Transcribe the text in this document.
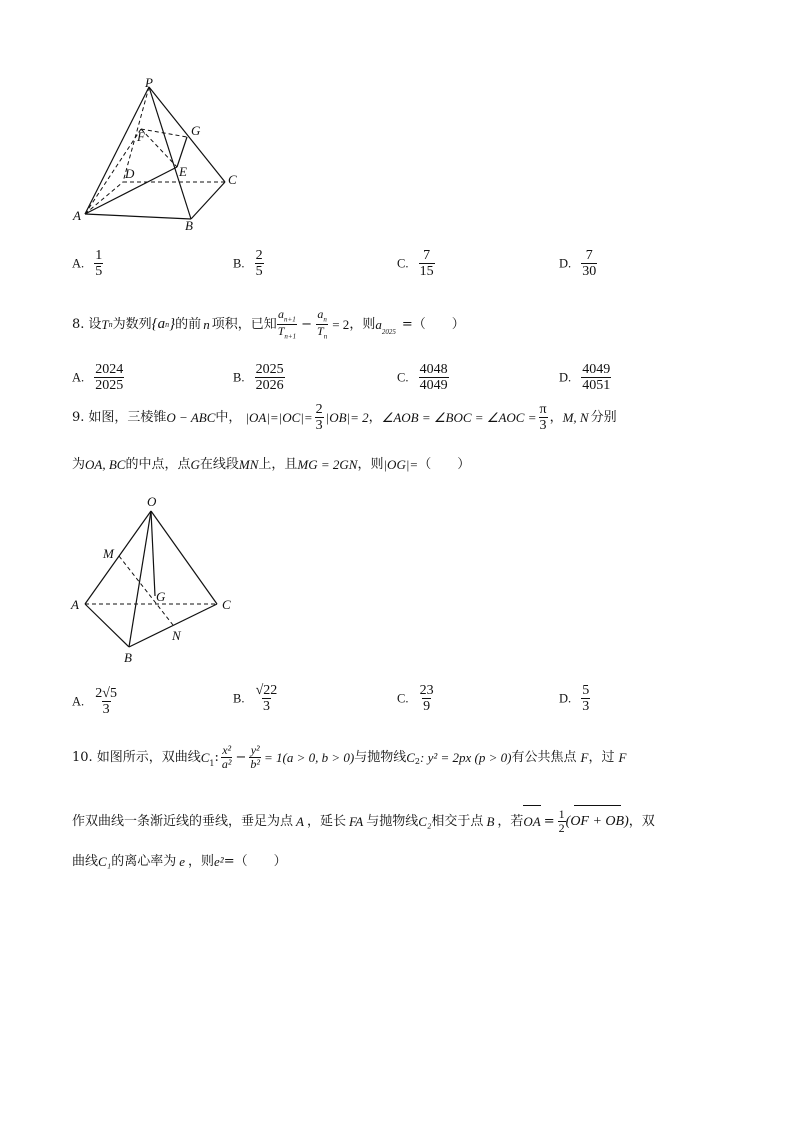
P
F	G
D	E
C
A
B
A. $\frac{1}{5}$	B. $\frac{2}{5}$	C. $\frac{7}{15}$	D. $\frac{7}{30}$
8. 设 T n 为数列 {a n } 的前 n 项积，已知 $\frac{a_{n+1}}{T_{n+1}} - \frac{a_n}{T_n} = 2$ ，则 $a_{2025}$ =（　　）
A. $\frac{2024}{2025}$	B. $\frac{2025}{2026}$	C. $\frac{4048}{4049}$	D. $\frac{4049}{4051}$
9. 如图，三棱锥 O − ABC 中， $|OA|=|OC|= \frac{2}{3} |OB|= 2$ ， ∠AOB = ∠BOC = ∠AOC = $\frac{\pi}{3}$ ， M, N 分别
为 OA, BC 的中点，点 G 在线段 MN 上，且 MG = 2GN ，则 |OG|= （　　）
O
M
A
G
C
N
B
A. $\frac{2√5}{3}$	B. $\frac{√22}{3}$	C. $\frac{23}{9}$	D. $\frac{5}{3}$
10. 如图所示，双曲线 $C_1$ : $\frac{\text{x²}}{\text{a²}} - \frac{\text{y²}}{\text{b²}} = 1(a > 0$, b > 0) 与抛物线 $C_2$ : y² = 2px (p > 0) 有公共焦点 F ，过 F
作双曲线一条渐近线的垂线，垂足为点 A ，延长 FA 与抛物线 C₂ 相交于点 B ，若 OA = $\frac{1}{2} (OF + OB)$ ，双
曲线 C₁ 的离心率为 e ，则 e² =（　　）
